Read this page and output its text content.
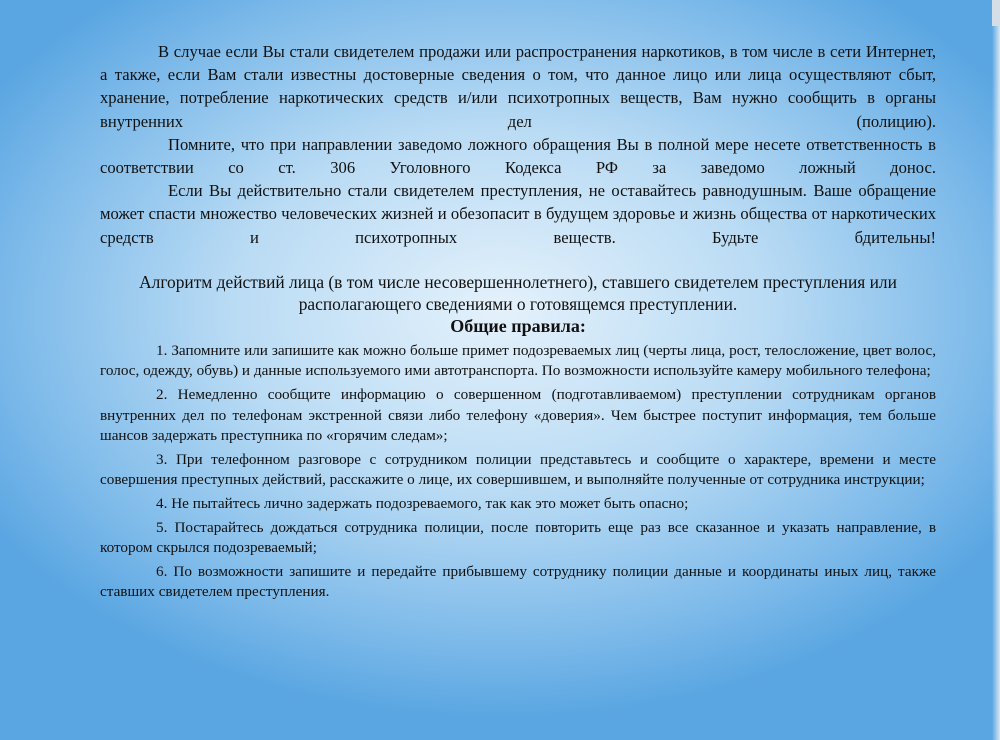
В случае если Вы стали свидетелем продажи или распространения наркотиков, в том числе в сети Интернет, а также, если Вам стали известны достоверные сведения о том, что данное лицо или лица осуществляют сбыт, хранение, потребление наркотических средств и/или психотропных веществ, Вам нужно сообщить в органы внутренних дел (полицию).

Помните, что при направлении заведомо ложного обращения Вы в полной мере несете ответственность в соответствии со ст. 306 Уголовного Кодекса РФ за заведомо ложный донос.

Если Вы действительно стали свидетелем преступления, не оставайтесь равнодушным. Ваше обращение может спасти множество человеческих жизней и обезопасит в будущем здоровье и жизнь общества от наркотических средств и психотропных веществ. Будьте бдительны!

Алгоритм действий лица (в том числе несовершеннолетнего), ставшего свидетелем преступления или располагающего сведениями о готовящемся преступлении.
Общие правила:
1. Запомните или запишите как можно больше примет подозреваемых лиц (черты лица, рост, телосложение, цвет волос, голос, одежду, обувь) и данные используемого ими автотранспорта. По возможности используйте камеру мобильного телефона;
2. Немедленно сообщите информацию о совершенном (подготавливаемом) преступлении сотрудникам органов внутренних дел по телефонам экстренной связи либо телефону «доверия». Чем быстрее поступит информация, тем больше шансов задержать преступника по «горячим следам»;
3. При телефонном разговоре с сотрудником полиции представьтесь и сообщите о характере, времени и месте совершения преступных действий, расскажите о лице, их совершившем, и выполняйте полученные от сотрудника инструкции;
4. Не пытайтесь лично задержать подозреваемого, так как это может быть опасно;
5. Постарайтесь дождаться сотрудника полиции, после повторить еще раз все сказанное и указать направление, в котором скрылся подозреваемый;
6. По возможности запишите и передайте прибывшему сотруднику полиции данные и координаты иных лиц, также ставших свидетелем преступления.
